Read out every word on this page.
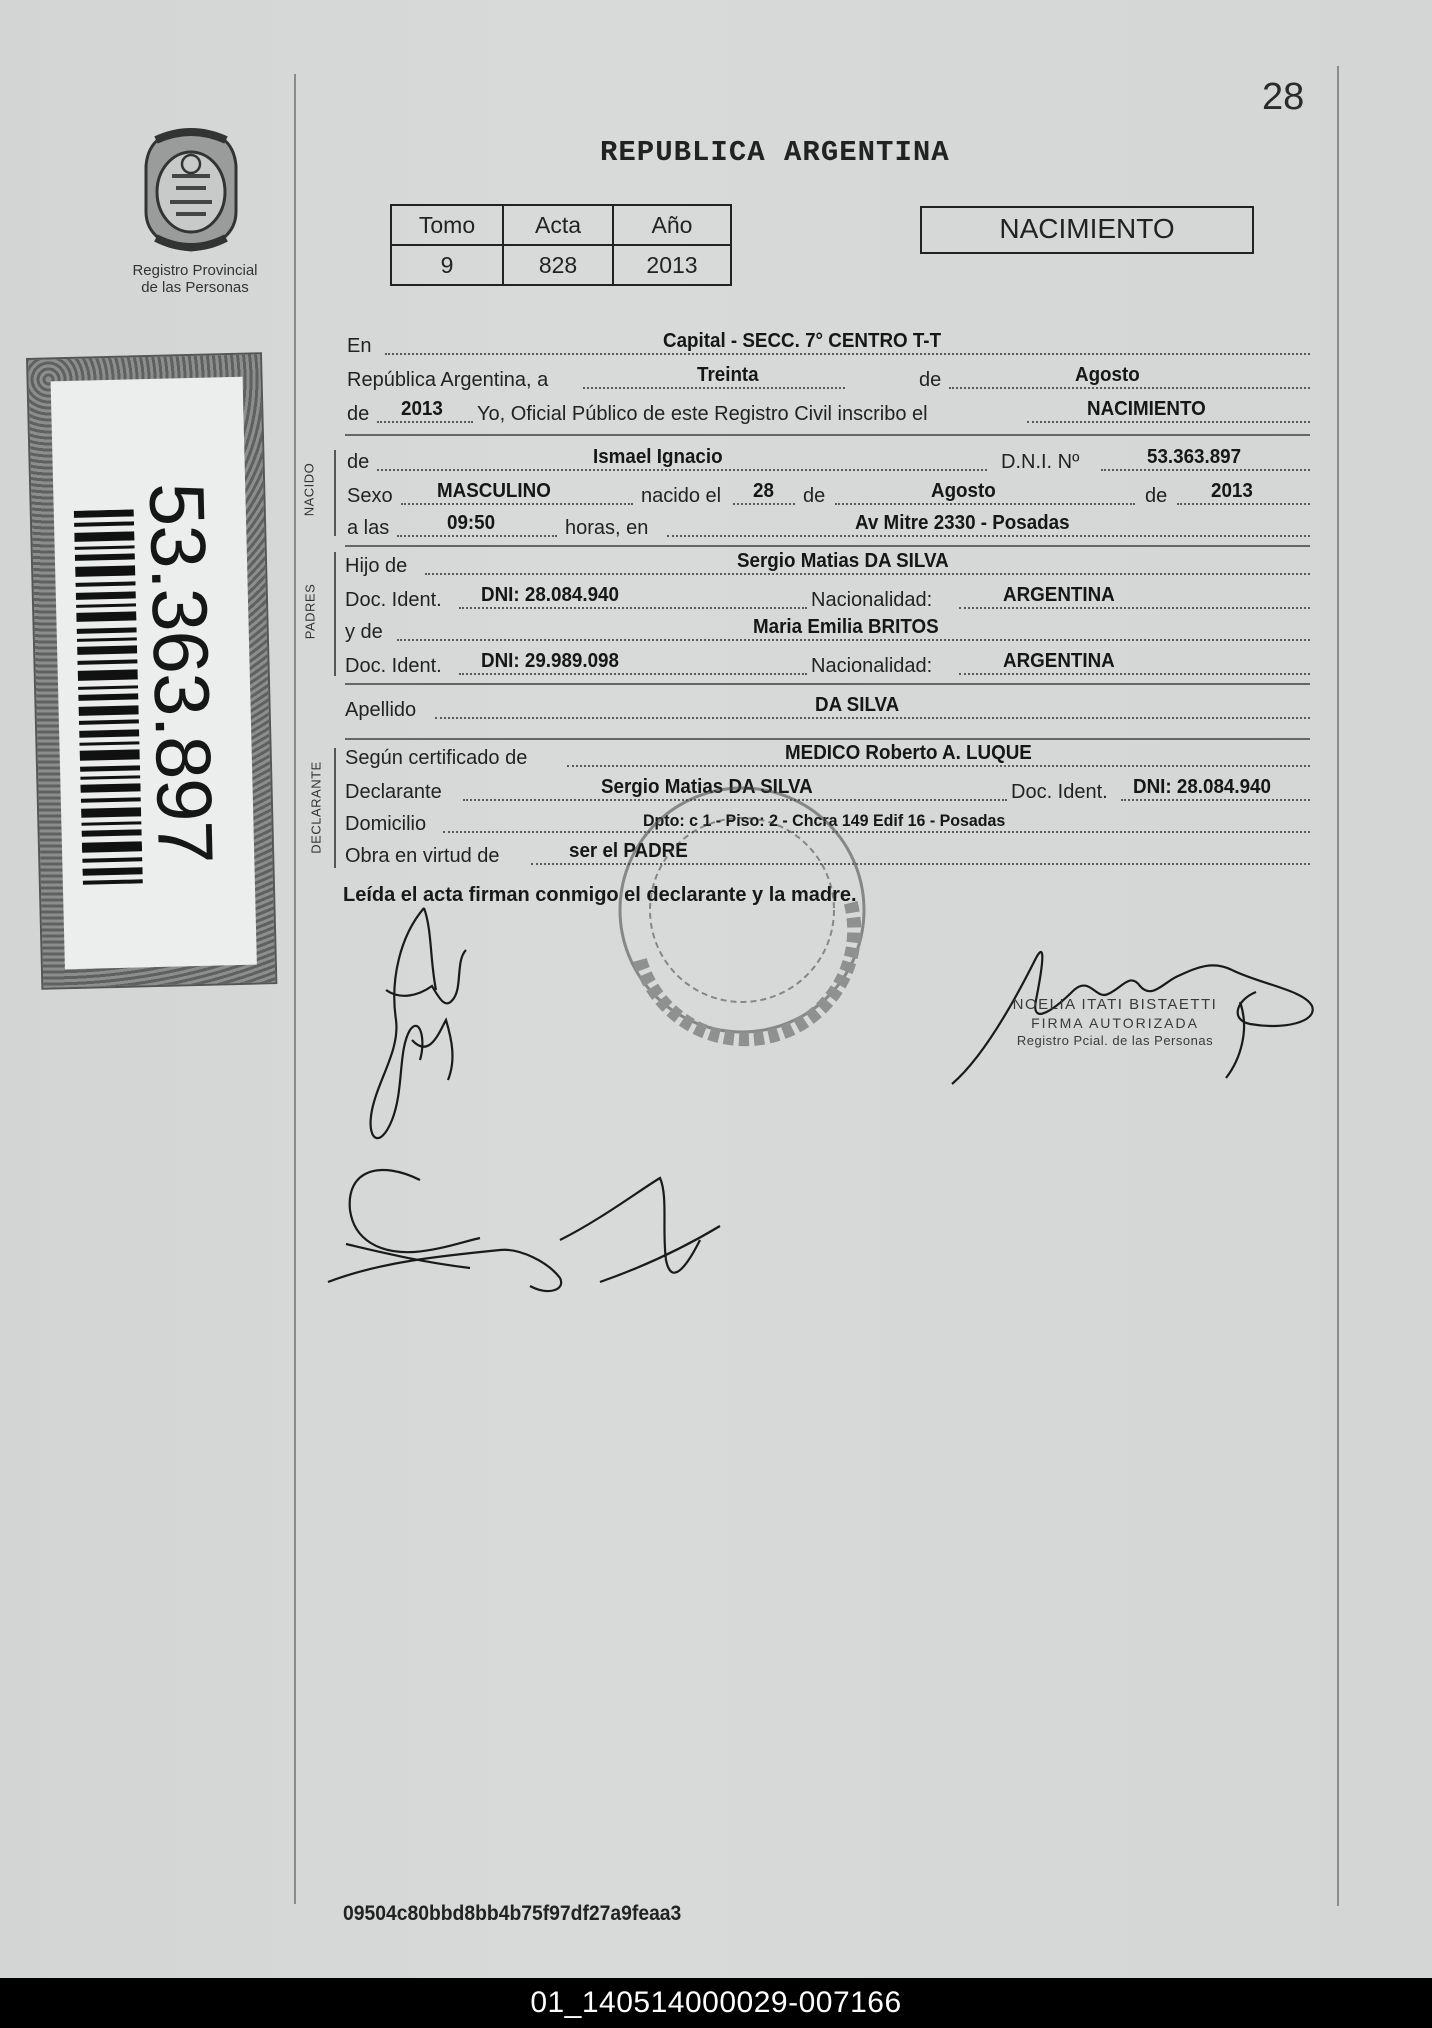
28
REPUBLICA ARGENTINA
Registro Provincial
de las Personas
53.363.897
Tomo	Acta	Año
9	828	2013
NACIMIENTO
NACIDO
PADRES
DECLARANTE
En	Capital - SECC. 7° CENTRO T-T
República Argentina, a	Treinta	de	Agosto
de 2013 Yo, Oficial Público de este Registro Civil inscribo el	NACIMIENTO
de	Ismael Ignacio	D.N.I. Nº	53.363.897
Sexo MASCULINO	nacido el 28 de	Agosto	de 2013
a las	09:50	horas, en	Av Mitre 2330 - Posadas
Hijo de	Sergio Matias DA SILVA
Doc. Ident. DNI: 28.084.940	Nacionalidad:	ARGENTINA
y de	Maria Emilia BRITOS
Doc. Ident. DNI: 29.989.098	Nacionalidad:	ARGENTINA
Apellido	DA SILVA
Según certificado de	MEDICO Roberto A. LUQUE
Declarante	Sergio Matias DA SILVA	Doc. Ident. DNI: 28.084.940
Domicilio	Dpto: c 1 - Piso: 2 - Chcra 149 Edif 16 - Posadas
Obra en virtud de	ser el PADRE
Leída el acta firman conmigo el declarante y la madre.
NOELIA ITATI BISTAETTI
FIRMA AUTORIZADA
Registro Pcial. de las Personas
09504c80bbd8bb4b75f97df27a9feaa3
01_140514000029-007166
